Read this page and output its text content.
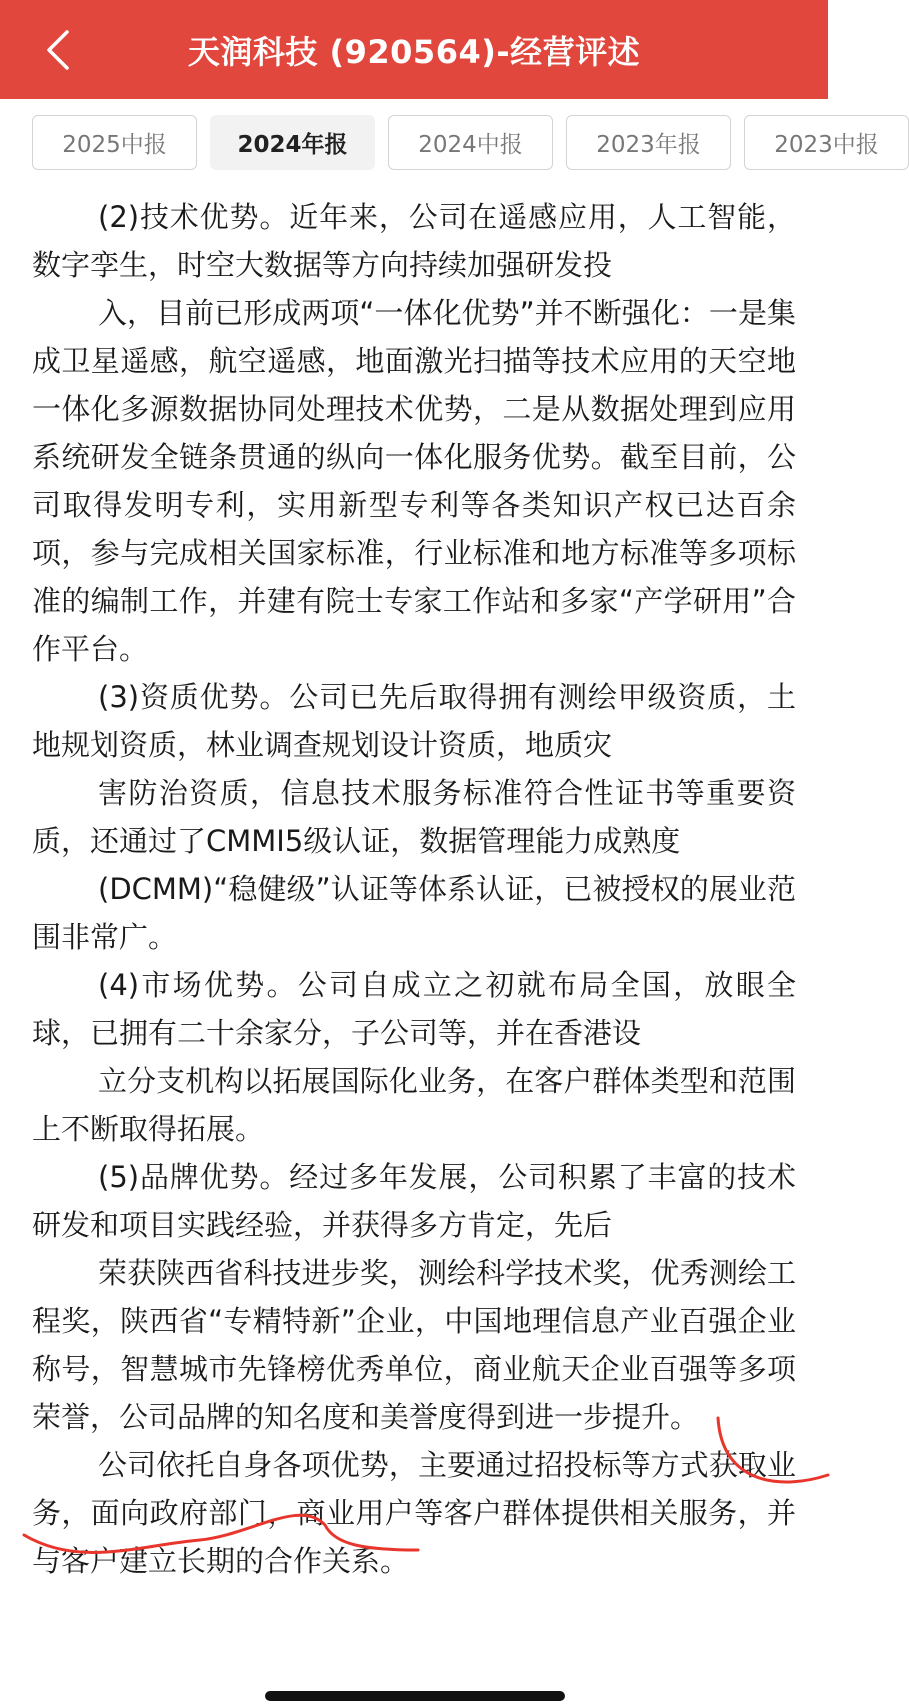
天润科技 (920564)-经营评述
2025中报	2024年报	2024中报	2023年报	2023中报

(2)技术优势。近年来，公司在遥感应用，人工智能，数字孪生，时空大数据等方向持续加强研发投

入，目前已形成两项“一体化优势”并不断强化：一是集成卫星遥感，航空遥感，地面激光扫描等技术应用的天空地一体化多源数据协同处理技术优势，二是从数据处理到应用系统研发全链条贯通的纵向一体化服务优势。截至目前，公司取得发明专利，实用新型专利等各类知识产权已达百余项，参与完成相关国家标准，行业标准和地方标准等多项标准的编制工作，并建有院士专家工作站和多家“产学研用”合作平台。

(3)资质优势。公司已先后取得拥有测绘甲级资质，土地规划资质，林业调查规划设计资质，地质灾

害防治资质，信息技术服务标准符合性证书等重要资质，还通过了CMMI5级认证，数据管理能力成熟度

(DCMM)“稳健级”认证等体系认证，已被授权的展业范围非常广。

(4)市场优势。公司自成立之初就布局全国，放眼全球，已拥有二十余家分，子公司等，并在香港设

立分支机构以拓展国际化业务，在客户群体类型和范围上不断取得拓展。

(5)品牌优势。经过多年发展，公司积累了丰富的技术研发和项目实践经验，并获得多方肯定，先后

荣获陕西省科技进步奖，测绘科学技术奖，优秀测绘工程奖，陕西省“专精特新”企业，中国地理信息产业百强企业称号，智慧城市先锋榜优秀单位，商业航天企业百强等多项荣誉，公司品牌的知名度和美誉度得到进一步提升。

公司依托自身各项优势，主要通过招投标等方式获取业务，面向政府部门，商业用户等客户群体提供相关服务，并与客户建立长期的合作关系。
